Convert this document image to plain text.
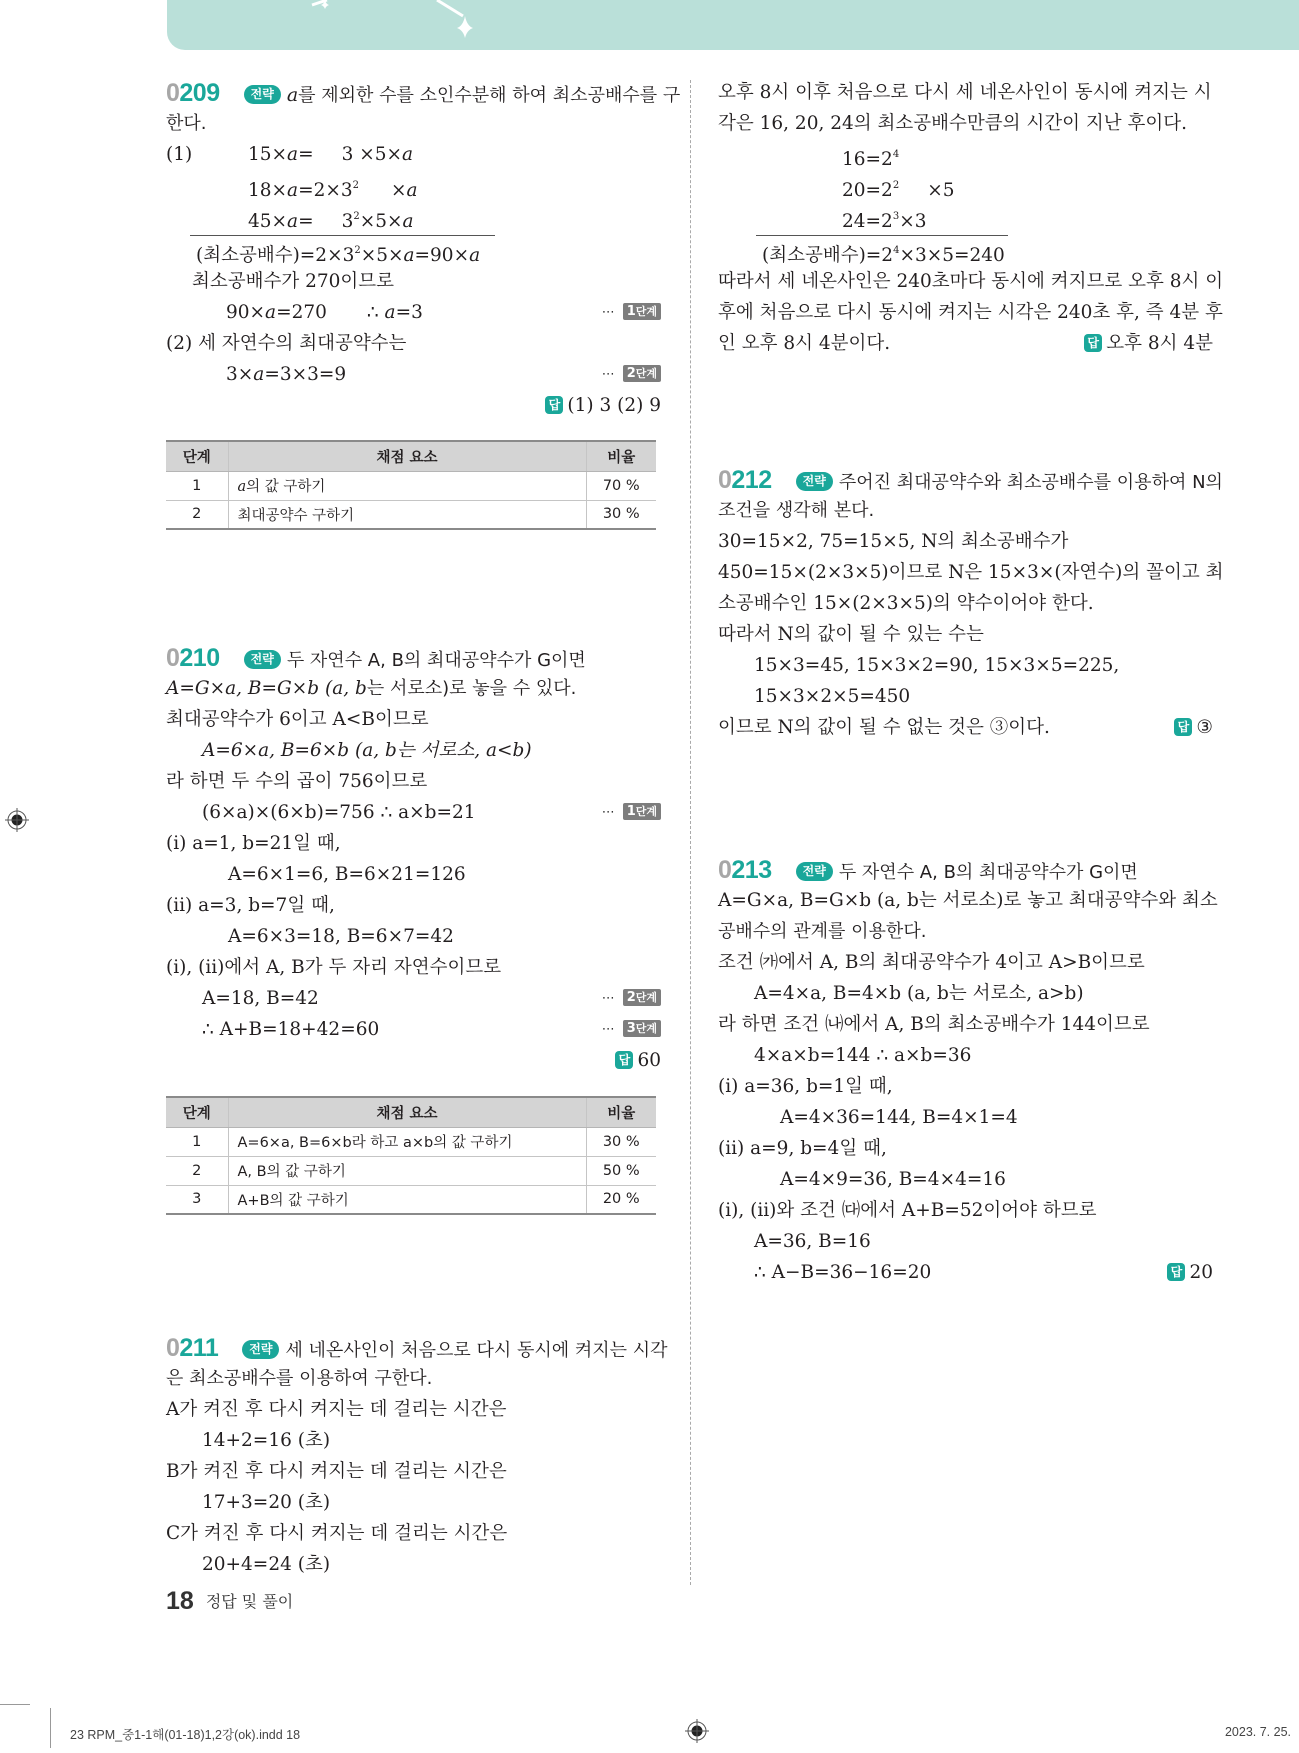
0209	전략 a를 제외한 수를 소인수분해 하여 최소공배수를 구
한다.
(1)	15×a= 3 ×5×a
$18\times a=2\times 3^2 \times a$
$45\times a= 3^2\times 5\times a$
(최소공배수)$=2\times 3^2\times 5\times a=90\times a$
최소공배수가 270이므로
90×a=270 ∴ a=3	⋯ 1단계
(2) 세 자연수의 최대공약수는
3×a=3×3=9	⋯ 2단계
답 (1) 3 (2) 9
단계	채점 요소	비율
1	a의 값 구하기	70 %
2	최대공약수 구하기	30 %
0210	전략 두 자연수 A, B의 최대공약수가 G이면
A=G×a, B=G×b (a, b는 서로소)로 놓을 수 있다.
최대공약수가 6이고 A<B이므로
A=6×a, B=6×b (a, b는 서로소, a<b)
라 하면 두 수의 곱이 756이므로
(6×a)×(6×b)=756 ∴ a×b=21	⋯ 1단계
(ⅰ) a=1, b=21일 때,
A=6×1=6, B=6×21=126
(ⅱ) a=3, b=7일 때,
A=6×3=18, B=6×7=42
(ⅰ), (ⅱ)에서 A, B가 두 자리 자연수이므로
A=18, B=42	⋯ 2단계
∴ A+B=18+42=60	⋯ 3단계
답 60
단계	채점 요소	비율
1	A=6×a, B=6×b라 하고 a×b의 값 구하기	30 %
2	A, B의 값 구하기	50 %
3	A+B의 값 구하기	20 %
0211	전략 세 네온사인이 처음으로 다시 동시에 켜지는 시각
은 최소공배수를 이용하여 구한다.
A가 켜진 후 다시 켜지는 데 걸리는 시간은
14+2=16 (초)
B가 켜진 후 다시 켜지는 데 걸리는 시간은
17+3=20 (초)
C가 켜진 후 다시 켜지는 데 걸리는 시간은
20+4=24 (초)
오후 8시 이후 처음으로 다시 세 네온사인이 동시에 켜지는 시
각은 16, 20, 24의 최소공배수만큼의 시간이 지난 후이다.
$16=2^4$
$20=2^2 \times 5$
$24=2^3\times 3$
(최소공배수)$=2^4\times 3\times 5=240$
따라서 세 네온사인은 240초마다 동시에 켜지므로 오후 8시 이
후에 처음으로 다시 동시에 켜지는 시각은 240초 후, 즉 4분 후
인 오후 8시 4분이다.	답 오후 8시 4분
0212	전략 주어진 최대공약수와 최소공배수를 이용하여 N의
조건을 생각해 본다.
30=15×2, 75=15×5, N의 최소공배수가
450=15×(2×3×5)이므로 N은 15×3×(자연수)의 꼴이고 최
소공배수인 15×(2×3×5)의 약수이어야 한다.
따라서 N의 값이 될 수 있는 수는
15×3=45, 15×3×2=90, 15×3×5=225,
15×3×2×5=450
이므로 N의 값이 될 수 없는 것은 ③이다.	답 ③
0213	전략 두 자연수 A, B의 최대공약수가 G이면
A=G×a, B=G×b (a, b는 서로소)로 놓고 최대공약수와 최소
공배수의 관계를 이용한다.
조건 ㈎에서 A, B의 최대공약수가 4이고 A>B이므로
A=4×a, B=4×b (a, b는 서로소, a>b)
라 하면 조건 ㈏에서 A, B의 최소공배수가 144이므로
4×a×b=144 ∴ a×b=36
(ⅰ) a=36, b=1일 때,
A=4×36=144, B=4×1=4
(ⅱ) a=9, b=4일 때,
A=4×9=36, B=4×4=16
(ⅰ), (ⅱ)와 조건 ㈐에서 A+B=52이어야 하므로
A=36, B=16
∴ A−B=36−16=20	답 20
18 정답 및 풀이
23 RPM_중1-1해(01-18)1,2강(ok).indd 18	2023. 7. 25.
